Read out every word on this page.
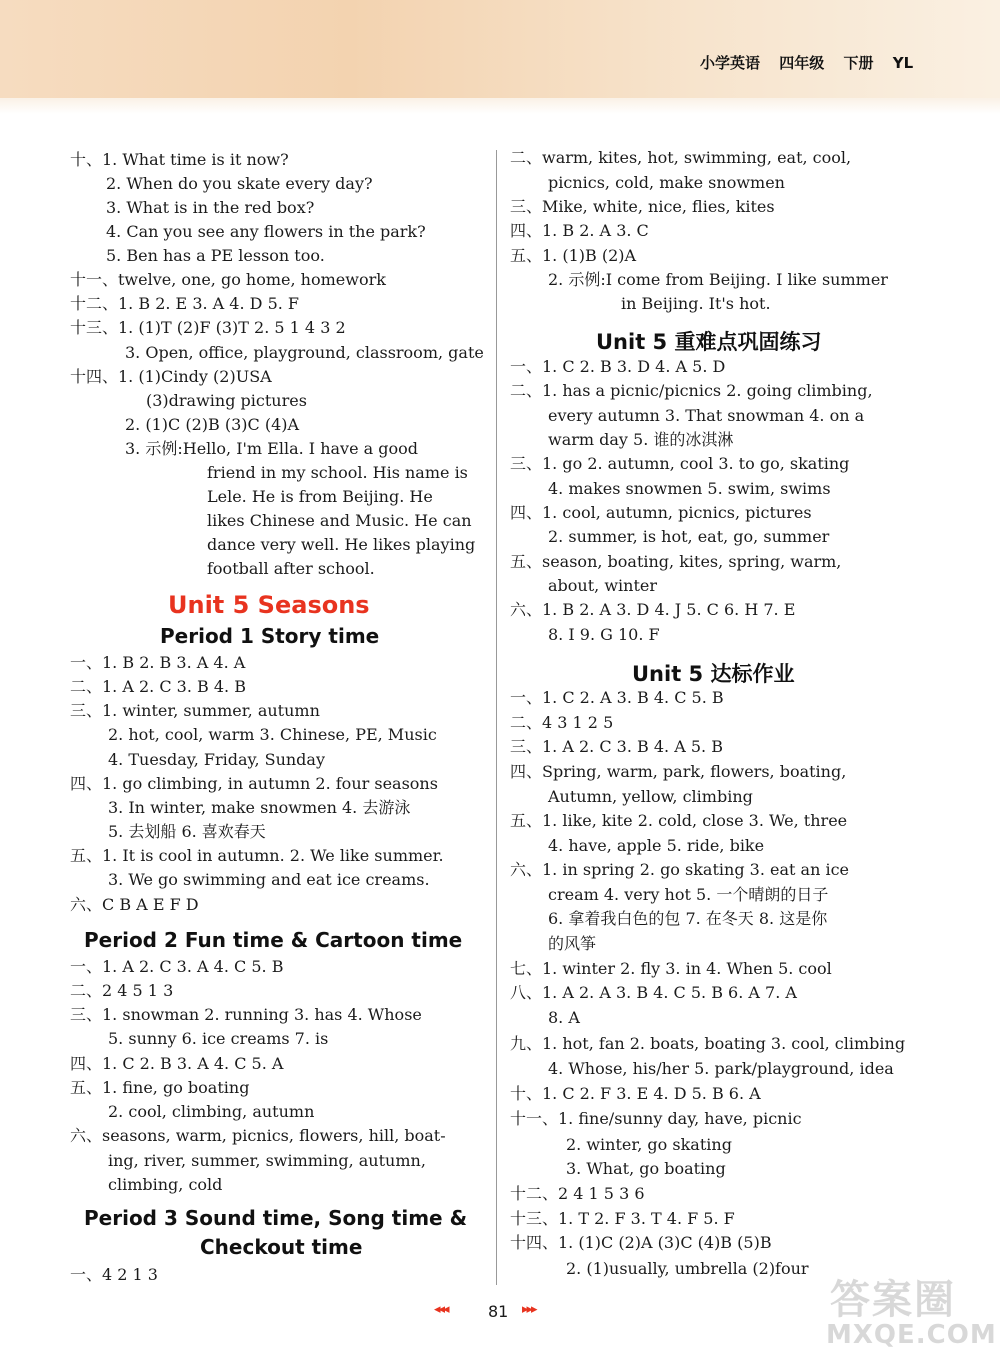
小学英语 四年级 下册 YL
十、1. What time is it now?
2. When do you skate every day?
3. What is in the red box?
4. Can you see any flowers in the park?
5. Ben has a PE lesson too.
十一、twelve, one, go home, homework
十二、1. B 2. E 3. A 4. D 5. F
十三、1. (1)T (2)F (3)T 2. 5 1 4 3 2
3. Open, office, playground, classroom, gate
十四、1. (1)Cindy (2)USA
(3)drawing pictures
2. (1)C (2)B (3)C (4)A
3. 示例:Hello, I'm Ella. I have a good
friend in my school. His name is
Lele. He is from Beijing. He
likes Chinese and Music. He can
dance very well. He likes playing
football after school.
Unit 5 Seasons
Period 1 Story time
一、1. B 2. B 3. A 4. A
二、1. A 2. C 3. B 4. B
三、1. winter, summer, autumn
2. hot, cool, warm 3. Chinese, PE, Music
4. Tuesday, Friday, Sunday
四、1. go climbing, in autumn 2. four seasons
3. In winter, make snowmen 4. 去游泳
5. 去划船 6. 喜欢春天
五、1. It is cool in autumn. 2. We like summer.
3. We go swimming and eat ice creams.
六、C B A E F D
Period 2 Fun time & Cartoon time
一、1. A 2. C 3. A 4. C 5. B
二、2 4 5 1 3
三、1. snowman 2. running 3. has 4. Whose
5. sunny 6. ice creams 7. is
四、1. C 2. B 3. A 4. C 5. A
五、1. fine, go boating
2. cool, climbing, autumn
六、seasons, warm, picnics, flowers, hill, boat-
ing, river, summer, swimming, autumn,
climbing, cold
Period 3 Sound time, Song time &
Checkout time
一、4 2 1 3
二、warm, kites, hot, swimming, eat, cool,
picnics, cold, make snowmen
三、Mike, white, nice, flies, kites
四、1. B 2. A 3. C
五、1. (1)B (2)A
2. 示例:I come from Beijing. I like summer
in Beijing. It's hot.
Unit 5 重难点巩固练习
一、1. C 2. B 3. D 4. A 5. D
二、1. has a picnic/picnics 2. going climbing,
every autumn 3. That snowman 4. on a
warm day 5. 谁的冰淇淋
三、1. go 2. autumn, cool 3. to go, skating
4. makes snowmen 5. swim, swims
四、1. cool, autumn, picnics, pictures
2. summer, is hot, eat, go, summer
五、season, boating, kites, spring, warm,
about, winter
六、1. B 2. A 3. D 4. J 5. C 6. H 7. E
8. I 9. G 10. F
Unit 5 达标作业
一、1. C 2. A 3. B 4. C 5. B
二、4 3 1 2 5
三、1. A 2. C 3. B 4. A 5. B
四、Spring, warm, park, flowers, boating,
Autumn, yellow, climbing
五、1. like, kite 2. cold, close 3. We, three
4. have, apple 5. ride, bike
六、1. in spring 2. go skating 3. eat an ice
cream 4. very hot 5. 一个晴朗的日子
6. 拿着我白色的包 7. 在冬天 8. 这是你
的风筝
七、1. winter 2. fly 3. in 4. When 5. cool
八、1. A 2. A 3. B 4. C 5. B 6. A 7. A
8. A
九、1. hot, fan 2. boats, boating 3. cool, climbing
4. Whose, his/her 5. park/playground, idea
十、1. C 2. F 3. E 4. D 5. B 6. A
十一、1. fine/sunny day, have, picnic
2. winter, go skating
3. What, go boating
十二、2 4 1 5 3 6
十三、1. T 2. F 3. T 4. F 5. F
十四、1. (1)C (2)A (3)C (4)B (5)B
2. (1)usually, umbrella (2)four
◂◂◂	81 ▸▸▸	答案圈
MXQE.COM
